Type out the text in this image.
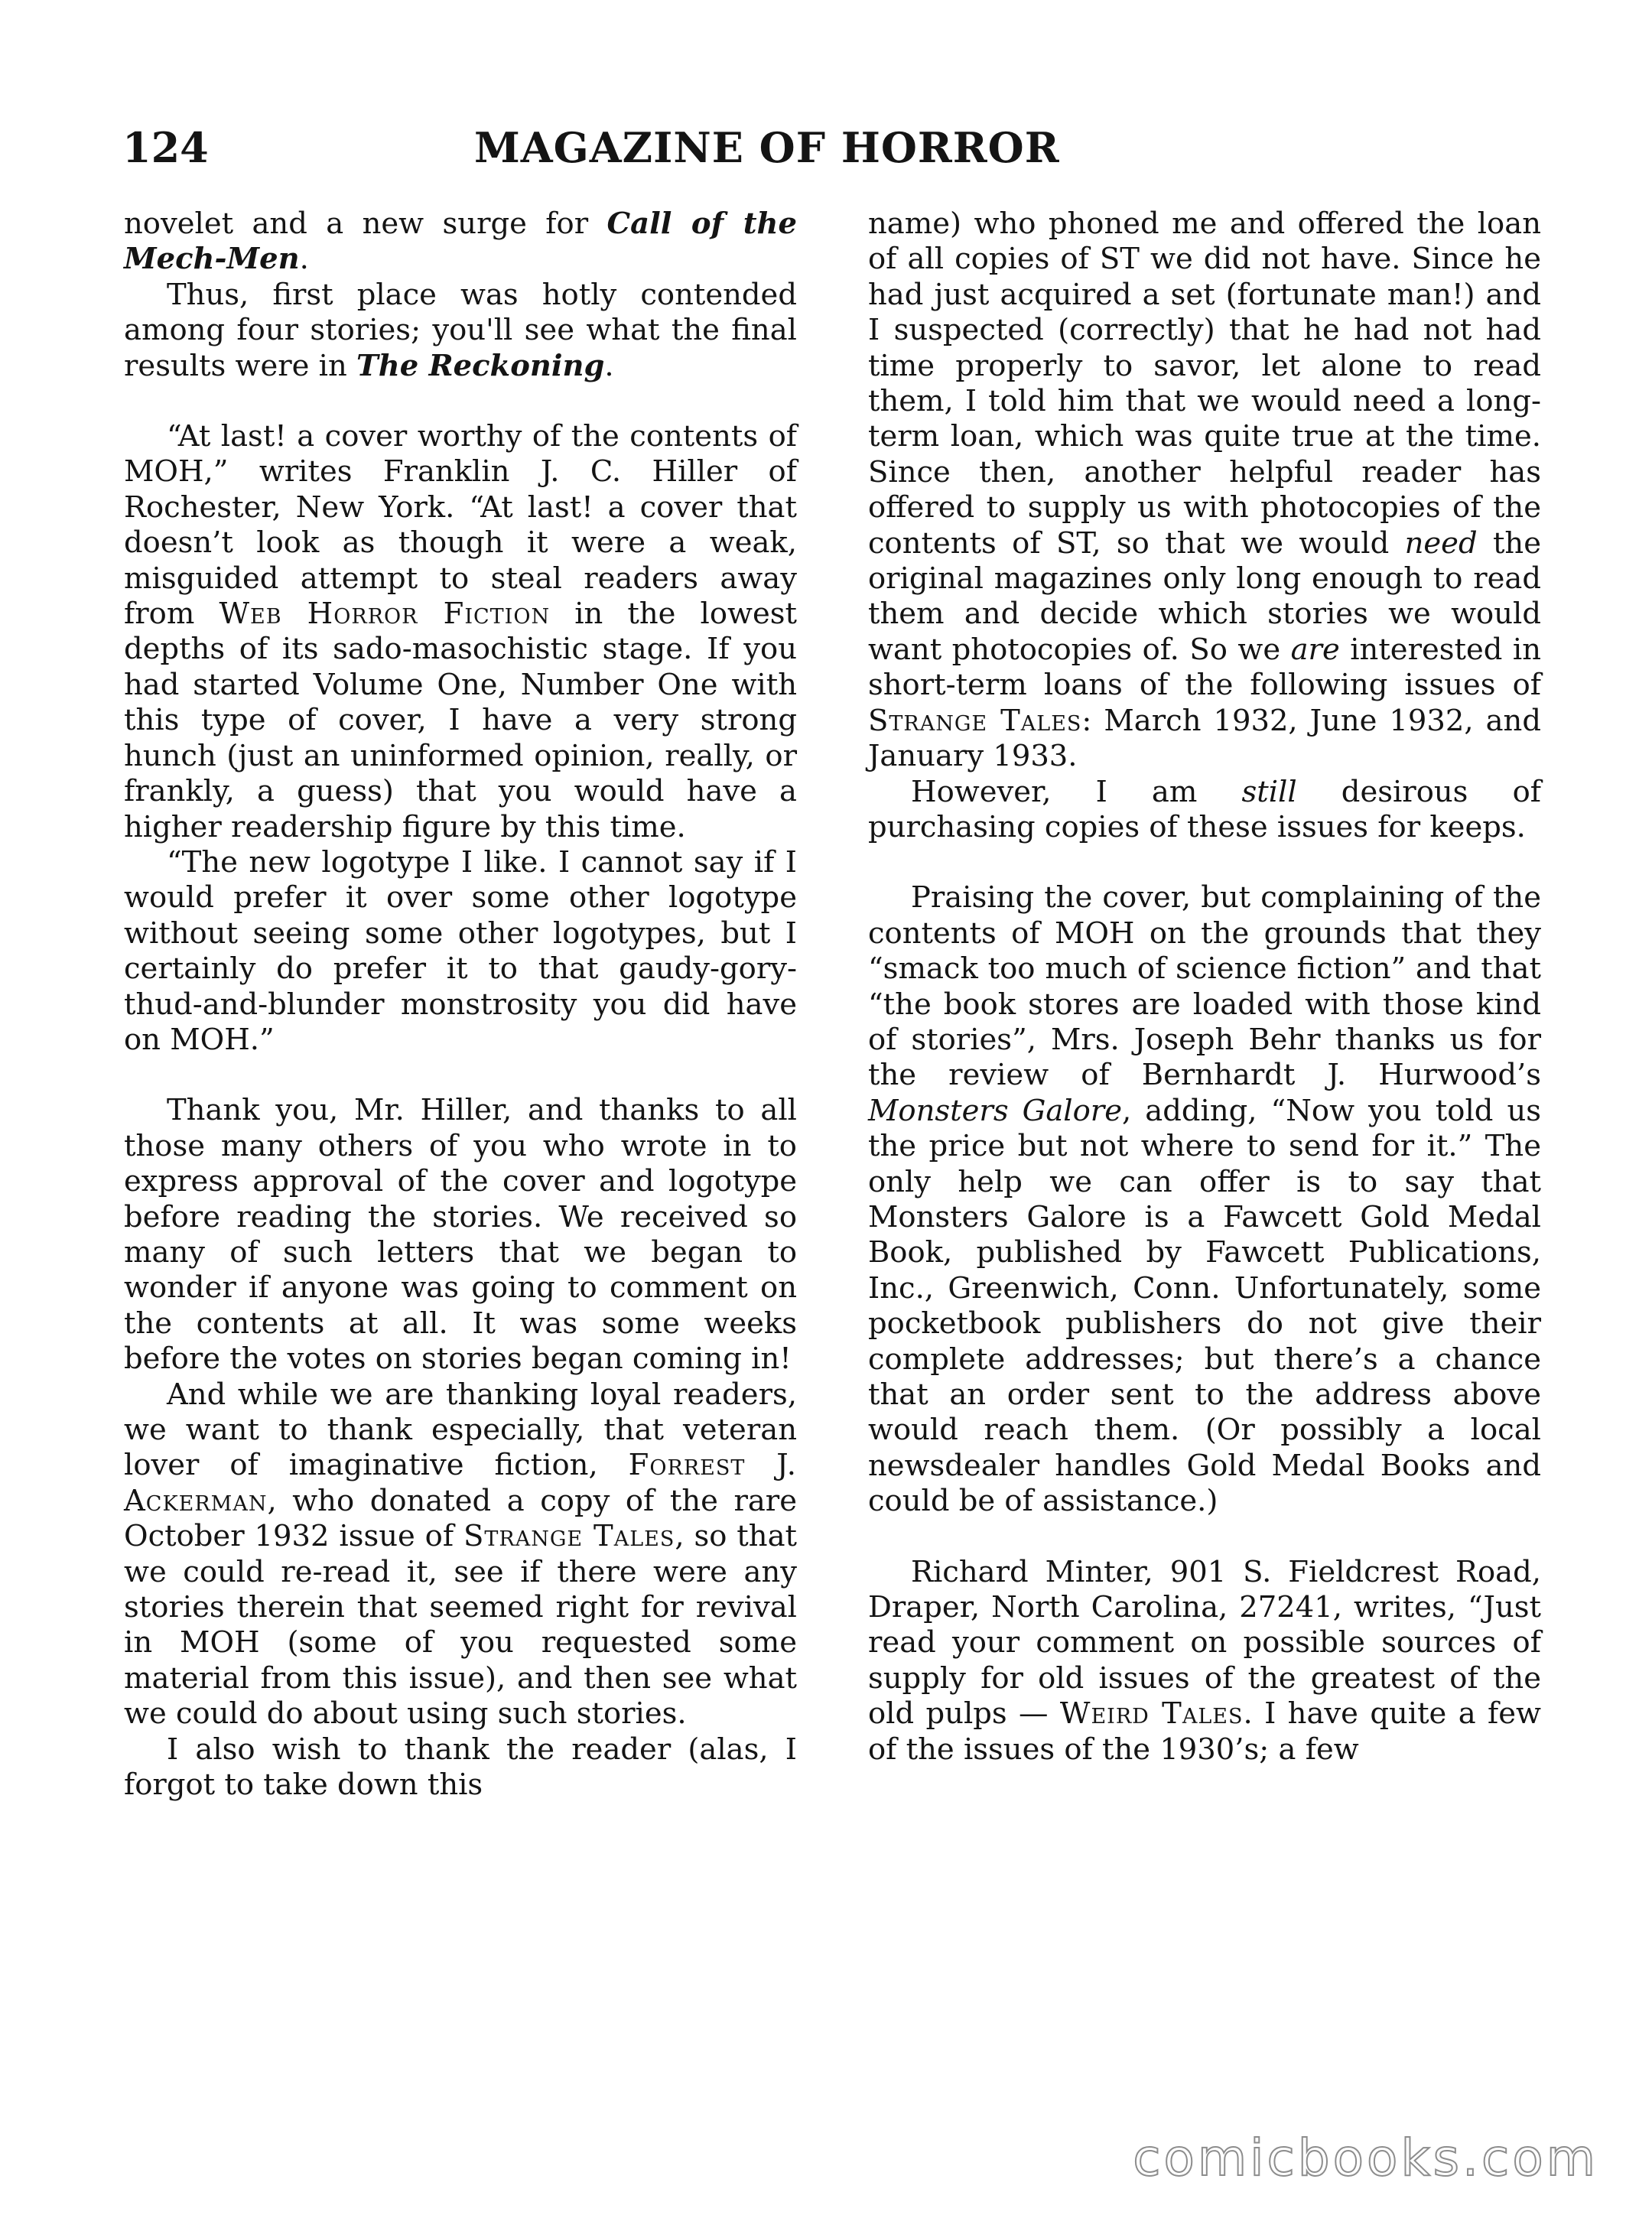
124	MAGAZINE OF HORROR

novelet and a new surge for Call of the Mech-Men.

Thus, first place was hotly contended among four stories; you'll see what the final results were in The Reckoning.

“At last! a cover worthy of the contents of MOH,” writes Franklin J. C. Hiller of Rochester, New York. “At last! a cover that doesn’t look as though it were a weak, misguided attempt to steal readers away from Web Horror Fiction in the lowest depths of its sado-masochistic stage. If you had started Volume One, Number One with this type of cover, I have a very strong hunch (just an uninformed opinion, really, or frankly, a guess) that you would have a higher readership figure by this time.

“The new logotype I like. I cannot say if I would prefer it over some other logotype without seeing some other logotypes, but I certainly do prefer it to that gaudy-gory-thud-and-blunder monstrosity you did have on MOH.”

Thank you, Mr. Hiller, and thanks to all those many others of you who wrote in to express approval of the cover and logotype before reading the stories. We received so many of such letters that we began to wonder if anyone was going to comment on the contents at all. It was some weeks before the votes on stories began coming in!

And while we are thanking loyal readers, we want to thank especially, that veteran lover of imaginative fiction, Forrest J. Ackerman, who donated a copy of the rare October 1932 issue of Strange Tales, so that we could re-read it, see if there were any stories therein that seemed right for revival in MOH (some of you requested some material from this issue), and then see what we could do about using such stories.

I also wish to thank the reader (alas, I forgot to take down this

name) who phoned me and offered the loan of all copies of ST we did not have. Since he had just acquired a set (fortunate man!) and I suspected (correctly) that he had not had time properly to savor, let alone to read them, I told him that we would need a long-term loan, which was quite true at the time. Since then, another helpful reader has offered to supply us with photocopies of the contents of ST, so that we would need the original magazines only long enough to read them and decide which stories we would want photocopies of. So we are interested in short-term loans of the following issues of Strange Tales: March 1932, June 1932, and January 1933.

However, I am still desirous of purchasing copies of these issues for keeps.

Praising the cover, but complaining of the contents of MOH on the grounds that they “smack too much of science fiction” and that “the book stores are loaded with those kind of stories”, Mrs. Joseph Behr thanks us for the review of Bernhardt J. Hurwood’s Monsters Galore, adding, “Now you told us the price but not where to send for it.” The only help we can offer is to say that Monsters Galore is a Fawcett Gold Medal Book, published by Fawcett Publications, Inc., Greenwich, Conn. Unfortunately, some pocketbook publishers do not give their complete addresses; but there’s a chance that an order sent to the address above would reach them. (Or possibly a local newsdealer handles Gold Medal Books and could be of assistance.)

Richard Minter, 901 S. Fieldcrest Road, Draper, North Carolina, 27241, writes, “Just read your comment on possible sources of supply for old issues of the greatest of the old pulps — Weird Tales. I have quite a few of the issues of the 1930’s; a few

comicbooks.com
